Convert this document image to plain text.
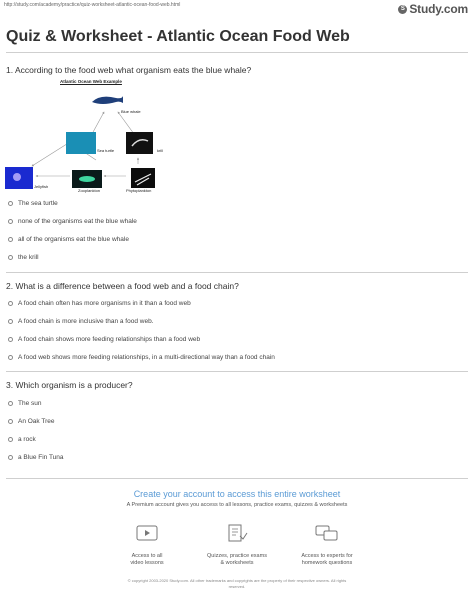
http://study.com/academy/practice/quiz-worksheet-atlantic-ocean-food-web.html
S Study.com
Quiz & Worksheet - Atlantic Ocean Food Web
1. According to the food web what organism eats the blue whale?
Atlantic Ocean Web Example
Blue whale
Sea turtle	krill
Jellyfish
Zooplankton	Phytoplankton
The sea turtle
none of the organisms eat the blue whale
all of the organisms eat the blue whale
the krill
2. What is a difference between a food web and a food chain?
A food chain often has more organisms in it than a food web
A food chain is more inclusive than a food web.
A food chain shows more feeding relationships than a food web
A food web shows more feeding relationships, in a multi-directional way than a food chain
3. Which organism is a producer?
The sun
An Oak Tree
a rock
a Blue Fin Tuna
Create your account to access this entire worksheet
A Premium account gives you access to all lessons, practice exams, quizzes & worksheets
Access to all
video lessons
Quizzes, practice exams
& worksheets
Access to experts for
homework questions
© copyright 2003-2020 Study.com. All other trademarks and copyrights are the property of their respective owners. All rights
reserved.
